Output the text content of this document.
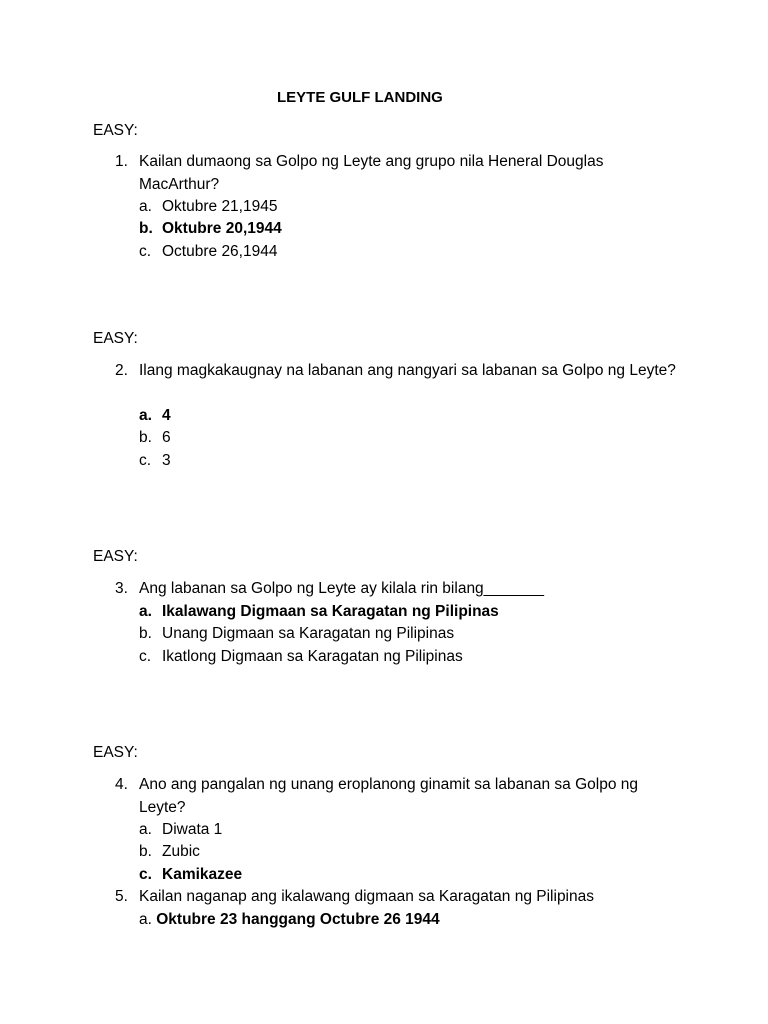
LEYTE GULF LANDING
EASY:
1. Kailan dumaong sa Golpo ng Leyte ang grupo nila Heneral Douglas MacArthur?
a. Oktubre 21,1945
b. Oktubre 20,1944
c. Octubre 26,1944
EASY:
2. Ilang magkakaugnay na labanan ang nangyari sa labanan sa Golpo ng Leyte?
a. 4
b. 6
c. 3
EASY:
3. Ang labanan sa Golpo ng Leyte ay kilala rin bilang_______
a. Ikalawang Digmaan sa Karagatan ng Pilipinas
b. Unang Digmaan sa Karagatan ng Pilipinas
c. Ikatlong Digmaan sa Karagatan ng Pilipinas
EASY:
4. Ano ang pangalan ng unang eroplanong ginamit sa labanan sa Golpo ng Leyte?
a. Diwata 1
b. Zubic
c. Kamikazee
5. Kailan naganap ang ikalawang digmaan sa Karagatan ng Pilipinas
a. Oktubre 23 hanggang Octubre 26 1944
